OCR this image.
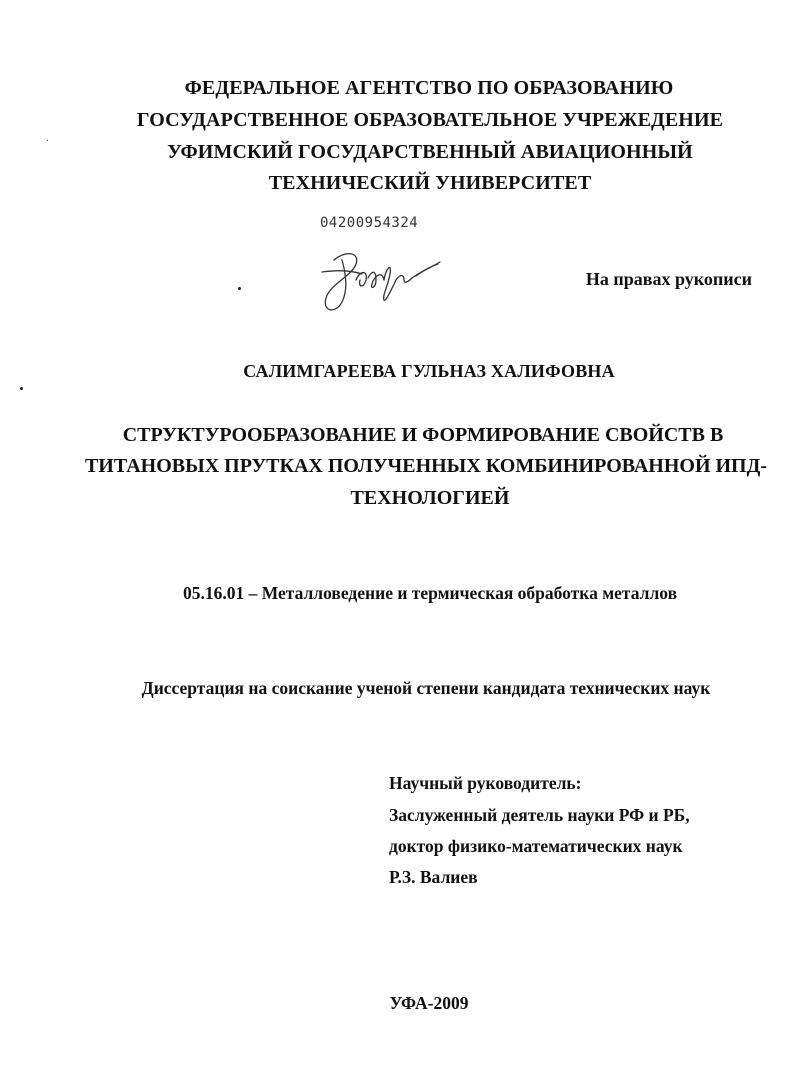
ФЕДЕРАЛЬНОЕ АГЕНТСТВО ПО ОБРАЗОВАНИЮ
ГОСУДАРСТВЕННОЕ ОБРАЗОВАТЕЛЬНОЕ УЧРЕЖЕДЕНИЕ
УФИМСКИЙ ГОСУДАРСТВЕННЫЙ АВИАЦИОННЫЙ
ТЕХНИЧЕСКИЙ УНИВЕРСИТЕТ
04200954324
На правах рукописи
САЛИМГАРЕЕВА ГУЛЬНАЗ ХАЛИФОВНА
СТРУКТУРООБРАЗОВАНИЕ И ФОРМИРОВАНИЕ СВОЙСТВ В
ТИТАНОВЫХ ПРУТКАХ ПОЛУЧЕННЫХ КОМБИНИРОВАННОЙ ИПД-
ТЕХНОЛОГИЕЙ
05.16.01 – Металловедение и термическая обработка металлов
Диссертация на соискание ученой степени кандидата технических наук
Научный руководитель:
Заслуженный деятель науки РФ и РБ,
доктор физико-математических наук
Р.З. Валиев
УФА-2009
